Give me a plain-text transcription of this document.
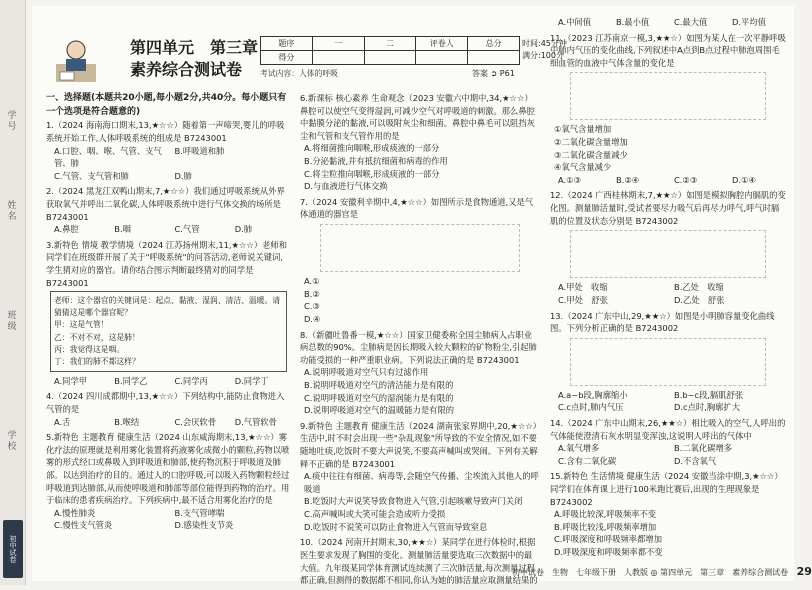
学号
姓名
班级
学校
初中试卷
第四单元　第三章
素养综合测试卷
题序	一	二	评卷人	总分
得分				
时间:45分钟
满分:100分
考试内容：人体的呼吸	答案 ➲ P61
一、选择题(本题共20小题,每小题2分,共40分。每小题只有一个选项是符合题意的)
1.（2024 海南海口期末,13,★☆☆）随着第一声啼哭,婴儿的呼吸系统开始工作,人体呼吸系统的组成是 B7243001
A.口腔、咽、喉、气管、支气管、肺
B.呼吸道和肺
C.气管、支气管和肺	D.肺
2.（2024 黑龙江双鸭山期末,7,★☆☆）我们通过呼吸系统从外界获取氧气并呼出二氧化碳,人体呼吸系统中进行气体交换的场所是 B7243001
A.鼻腔	B.咽	C.气管	D.肺
3.新特色 情境 教学情境（2024 江苏扬州期末,11,★☆☆）老师和同学们在班级群开展了关于"呼吸系统"的问答活动,老师说关键词,学生猜对应的器官。请你结合图示判断最终猜对的同学是 B7243001
老师：这个器官的关键词是：起点、黏液、湿润、清洁、温暖。请猜猜这是哪个器官呢？
甲：这是气管！
乙：不对不对，这是肺！
丙：我觉得这是咽。
丁：我们的肺不都这样？
A.同学甲	B.同学乙	C.同学丙	D.同学丁
4.（2024 四川成都期中,13,★☆☆）下列结构中,能防止食物进入气管的是
A.舌	B.喉结	C.会厌软骨	D.气管软骨
5.新特色 主题教育 健康生活（2024 山东威海期末,13,★☆☆）雾化疗法的原理就是利用雾化装置将药液雾化成微小的颗粒,药物以喷雾的形式经口或鼻吸入到呼吸道和肺部,使药物沉积于呼吸道及肺部。以达到治疗的目的。通过人的口腔呼吸,可以吸入药物颗粒经过呼吸道到达肺部,从而使呼吸道和肺部等部位能得到药物的治疗。用于临床的患者疾病治疗。下列疾病中,最不适合用雾化治疗的是
A.慢性肺炎	B.支气管哮喘
C.慢性支气管炎	D.感染性支节炎
6.新课标 核心素养 生命观念（2023 安徽六中期中,34,★☆☆）鼻腔可以使空气变得湿润,可减少空气对呼吸道的刺激。那么鼻腔中黏膜分泌的黏液,可以吸附灰尘和细菌。鼻腔中鼻毛可以阻挡灰尘和气管和支气管作用的是
A.将细菌推向咽喉,形成痰液的一部分
B.分泌黏液,并有抵抗细菌和病毒的作用
C.将尘粒推向咽喉,形成痰液的一部分
D.与血液进行气体交换
7.（2024 安徽利辛期中,4,★☆☆）如图所示是食物通道,又是气体通道的器官是
A.①
B.②
C.③
D.④
8.（新疆吐鲁番一模,★☆☆）国家卫健委称全国尘肺病人占职业病总数的90%。尘肺病是因长期吸入较大颗粒的矿物粉尘,引起肺功能受损的一种严重职业病。下列说法正确的是 B7243001
A.说明呼吸道对空气只有过滤作用
B.说明呼吸道对空气的清洁能力是有限的
C.说明呼吸道对空气的湿润能力是有限的
D.说明呼吸道对空气的温暖能力是有限的
9.新特色 主题教育 健康生活（2024 湖南张家界期中,20,★☆☆）生活中,时不时会出现一些"杂乱现象"所导致的不安全情况,如不要随地吐痰,吃饭时不要大声说笑,不要高声喊叫或哭闹。下列有关解释不正确的是 B7243001
A.痰中往往有细菌、病毒等,会随空气传播、尘埃流入其他人的呼吸道
B.吃饭时大声说笑导致食物进入气管,引起咳嗽导致声门关闭
C.高声喊叫或大笑可能会造成听力受损
D.吃饭时不说笑可以防止食物进入气管而导致窒息
10.（2024 河南开封期末,30,★★☆）某同学在进行体检时,根据医生要求发现了胸围的变化。测量肺活量要选取三次数据中的最大值。九年级某同学体育测试连续测了三次肺活量,每次测量过程都正确,但测得的数据都不相同,你认为她的肺活量应取测量结果的
A.中间值	B.最小值	C.最大值	D.平均值
11.（2023 江苏南京一模,3,★★☆）如图为某人在一次平静呼吸中肺内气压的变化曲线,下列叙述中A点到B点过程中肺泡周围毛细血管的血液中气体含量的变化是
①氧气含量增加
②二氧化碳含量增加
③二氧化碳含量减少
④氧气含量减少
A.①③	B.②④	C.②③	D.①④
12.（2024 广西桂林期末,7,★★☆）如图是模拟胸腔内膈肌的变化图。测量肺活量时,受试者要尽力吸气后再尽力呼气,呼气时膈肌的位置及状态分别是 B7243002
A.甲处　收缩	B.乙处　收缩
C.甲处　舒张	D.乙处　舒张
13.（2024 广东中山,29,★★☆）如图是小明肺容量变化曲线图。下列分析正确的是 B7243002
A.a~b段,胸廓缩小	B.b~c段,膈肌舒张
C.c点时,肺内气压	D.c点时,胸廓扩大
14.（2024 广东中山期末,26,★★☆）相比吸入的空气,人呼出的气体能使澄清石灰水明显变浑浊,这说明人呼出的气体中
A.氧气增多	B.二氧化碳增多
C.含有二氧化碳	D.不含氧气
15.新特色 生活情境 健康生活（2024 安徽当涂中期,3,★☆☆）同学们在体育课上进行100米跑比赛后,出现的生理现象是 B7243002
A.呼吸比较深,呼吸频率不变
B.呼吸比较浅,呼吸频率增加
C.呼吸深度和呼吸频率都增加
D.呼吸深度和呼吸频率都不变
初中试卷　生物　七年级下册　人教版 ◎ 第四单元　第三章　素养综合测试卷 29
